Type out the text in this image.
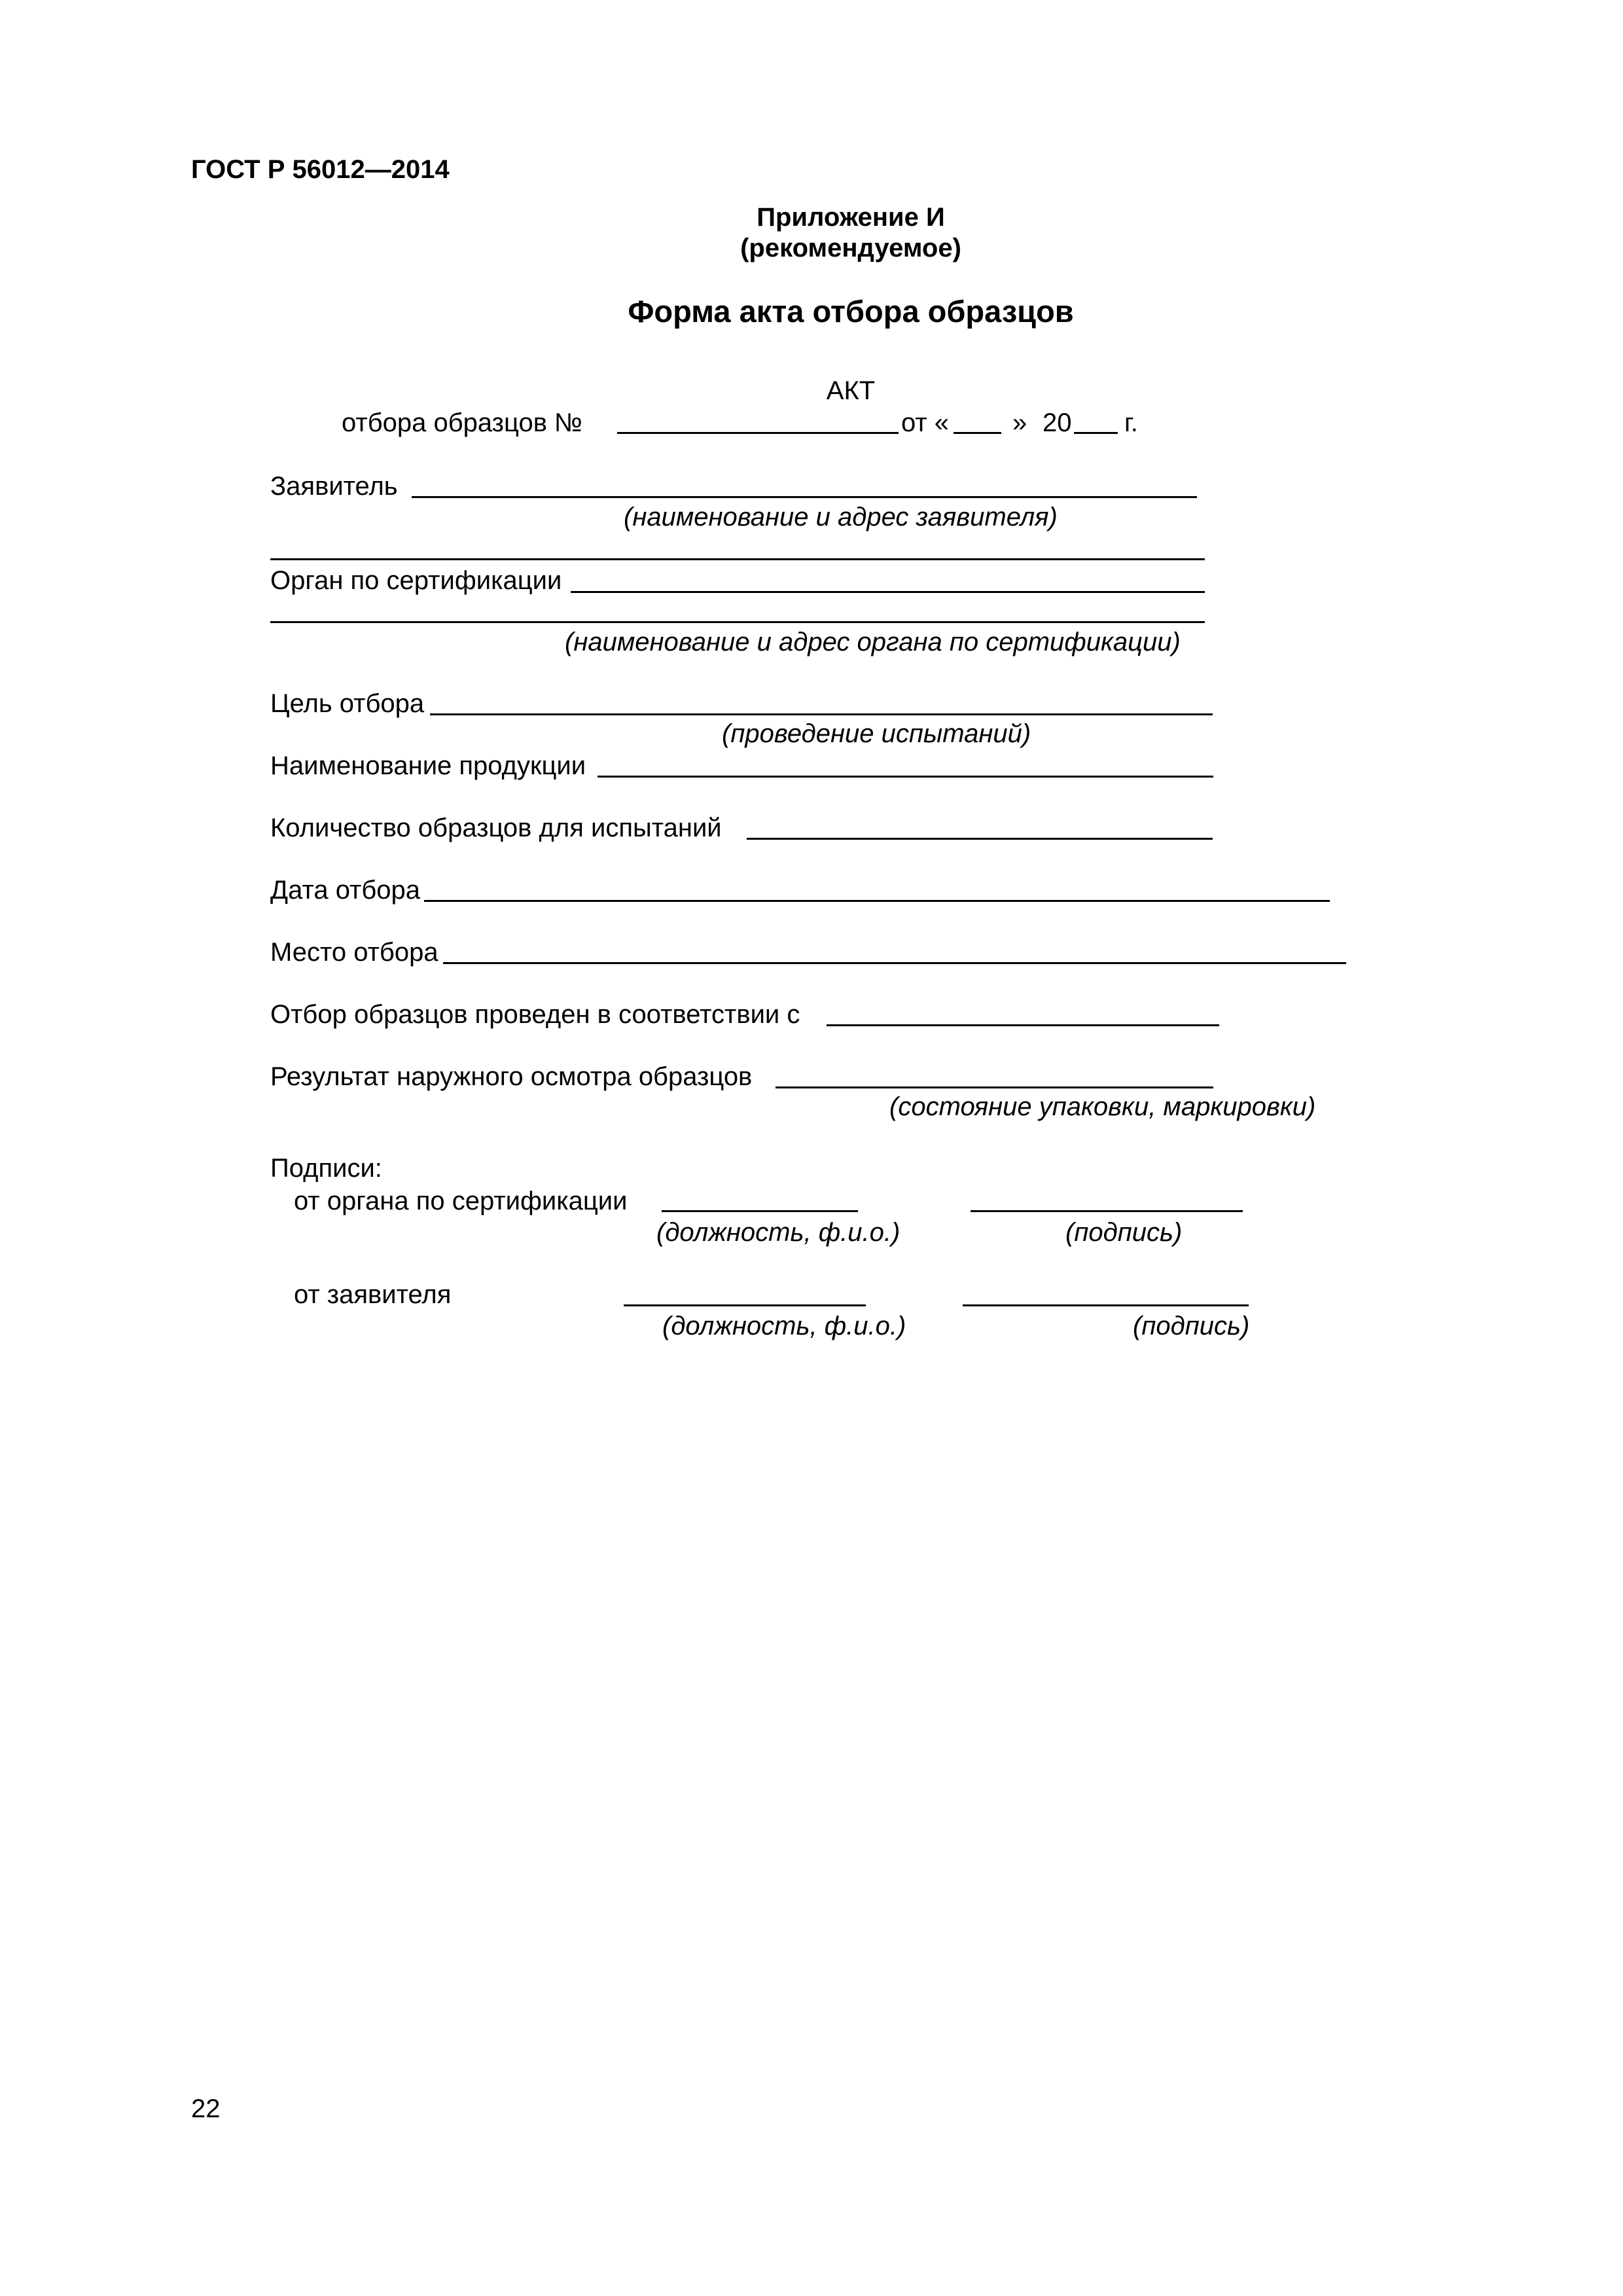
ГОСТ Р 56012—2014
Приложение И
(рекомендуемое)
Форма акта отбора образцов
АКТ
отбора образцов №	от « » 20 г.
Заявитель
(наименование и адрес заявителя)
Орган по сертификации
(наименование и адрес органа по сертификации)
Цель отбора
(проведение испытаний)
Наименование продукции
Количество образцов для испытаний
Дата отбора
Место отбора
Отбор образцов проведен в соответствии с
Результат наружного осмотра образцов
(состояние упаковки, маркировки)
Подписи:
от органа по сертификации
(должность, ф.и.о.)	(подпись)
от заявителя
(должность, ф.и.о.)	(подпись)
22
